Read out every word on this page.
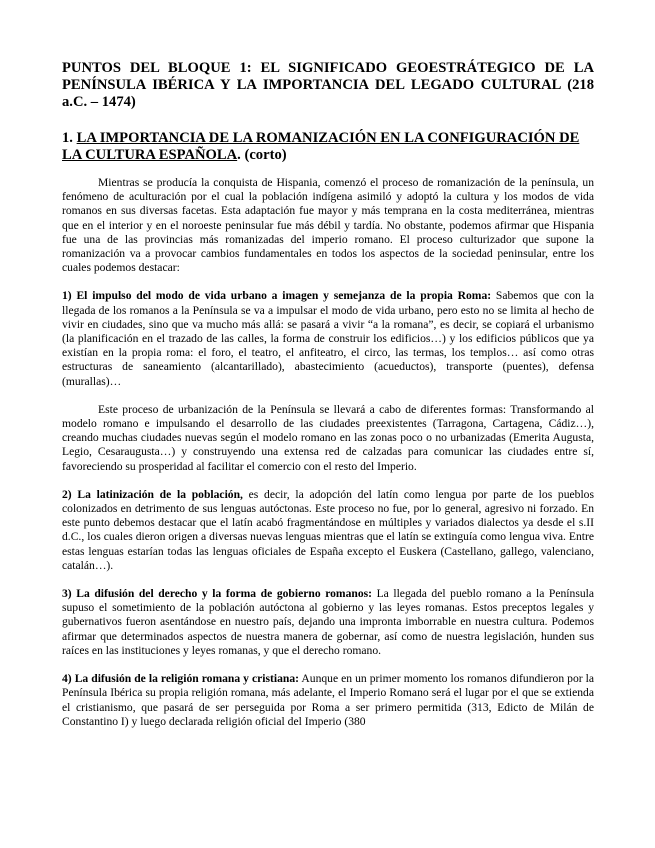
PUNTOS DEL BLOQUE 1: EL SIGNIFICADO GEOESTRÁTEGICO DE LA PENÍNSULA IBÉRICA Y LA IMPORTANCIA DEL LEGADO CULTURAL (218 a.C. – 1474)
1. LA IMPORTANCIA DE LA ROMANIZACIÓN EN LA CONFIGURACIÓN DE LA CULTURA ESPAÑOLA. (corto)

Mientras se producía la conquista de Hispania, comenzó el proceso de romanización de la península, un fenómeno de aculturación por el cual la población indígena asimiló y adoptó la cultura y los modos de vida romanos en sus diversas facetas. Esta adaptación fue mayor y más temprana en la costa mediterránea, mientras que en el interior y en el noroeste peninsular fue más débil y tardía. No obstante, podemos afirmar que Hispania fue una de las provincias más romanizadas del imperio romano. El proceso culturizador que supone la romanización va a provocar cambios fundamentales en todos los aspectos de la sociedad peninsular, entre los cuales podemos destacar:

1) El impulso del modo de vida urbano a imagen y semejanza de la propia Roma: Sabemos que con la llegada de los romanos a la Península se va a impulsar el modo de vida urbano, pero esto no se limita al hecho de vivir en ciudades, sino que va mucho más allá: se pasará a vivir “a la romana”, es decir, se copiará el urbanismo (la planificación en el trazado de las calles, la forma de construir los edificios…) y los edificios públicos que ya existían en la propia roma: el foro, el teatro, el anfiteatro, el circo, las termas, los templos… así como otras estructuras de saneamiento (alcantarillado), abastecimiento (acueductos), transporte (puentes), defensa (murallas)…

Este proceso de urbanización de la Península se llevará a cabo de diferentes formas: Transformando al modelo romano e impulsando el desarrollo de las ciudades preexistentes (Tarragona, Cartagena, Cádiz…), creando muchas ciudades nuevas según el modelo romano en las zonas poco o no urbanizadas (Emerita Augusta, Legio, Cesaraugusta…) y construyendo una extensa red de calzadas para comunicar las ciudades entre sí, favoreciendo su prosperidad al facilitar el comercio con el resto del Imperio.

2) La latinización de la población, es decir, la adopción del latín como lengua por parte de los pueblos colonizados en detrimento de sus lenguas autóctonas. Este proceso no fue, por lo general, agresivo ni forzado. En este punto debemos destacar que el latín acabó fragmentándose en múltiples y variados dialectos ya desde el s.II d.C., los cuales dieron origen a diversas nuevas lenguas mientras que el latín se extinguía como lengua viva. Entre estas lenguas estarían todas las lenguas oficiales de España excepto el Euskera (Castellano, gallego, valenciano, catalán…).

3) La difusión del derecho y la forma de gobierno romanos: La llegada del pueblo romano a la Península supuso el sometimiento de la población autóctona al gobierno y las leyes romanas. Estos preceptos legales y gubernativos fueron asentándose en nuestro país, dejando una impronta imborrable en nuestra cultura. Podemos afirmar que determinados aspectos de nuestra manera de gobernar, así como de nuestra legislación, hunden sus raíces en las instituciones y leyes romanas, y que el derecho romano.

4) La difusión de la religión romana y cristiana: Aunque en un primer momento los romanos difundieron por la Península Ibérica su propia religión romana, más adelante, el Imperio Romano será el lugar por el que se extienda el cristianismo, que pasará de ser perseguida por Roma a ser primero permitida (313, Edicto de Milán de Constantino I) y luego declarada religión oficial del Imperio (380
